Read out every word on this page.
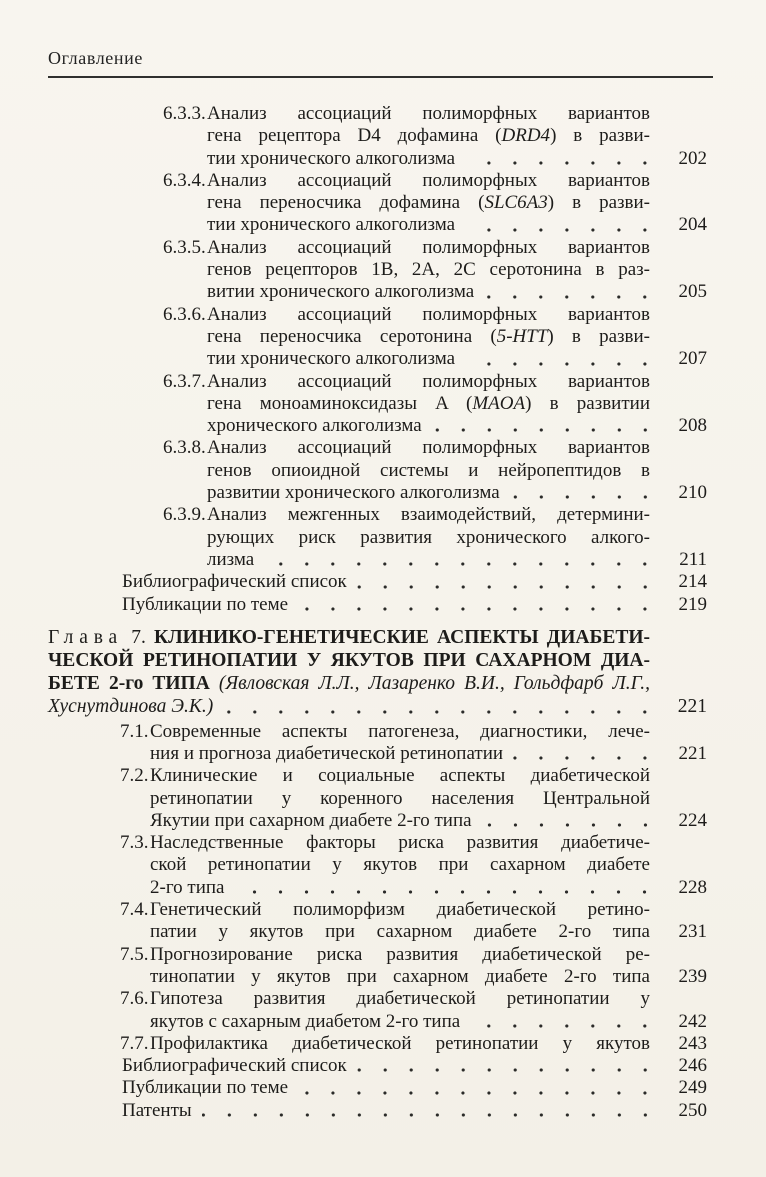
Оглавление
6.3.3. Анализ ассоциаций полиморфных вариантов
гена рецептора D4 дофамина (DRD4) в разви-
тии хронического алкоголизма	202
6.3.4. Анализ ассоциаций полиморфных вариантов
гена переносчика дофамина (SLC6A3) в разви-
тии хронического алкоголизма	204
6.3.5. Анализ ассоциаций полиморфных вариантов
генов рецепторов 1B, 2A, 2C серотонина в раз-
витии хронического алкоголизма	205
6.3.6. Анализ ассоциаций полиморфных вариантов
гена переносчика серотонина (5-HTT) в разви-
тии хронического алкоголизма	207
6.3.7. Анализ ассоциаций полиморфных вариантов
гена моноаминоксидазы A (MAOA) в развитии
хронического алкоголизма	208
6.3.8. Анализ ассоциаций полиморфных вариантов
генов опиоидной системы и нейропептидов в
развитии хронического алкоголизма	210
6.3.9. Анализ межгенных взаимодействий, детермини-
рующих риск развития хронического алкого-
лизма	211
Библиографический список	214
Публикации по теме	219
Глава 7. КЛИНИКО-ГЕНЕТИЧЕСКИЕ АСПЕКТЫ ДИАБЕТИ-
ЧЕСКОЙ РЕТИНОПАТИИ У ЯКУТОВ ПРИ САХАРНОМ ДИА-
БЕТЕ 2-го ТИПА (Явловская Л.Л., Лазаренко В.И., Гольдфарб Л.Г.,
Хуснутдинова Э.К.)	221
7.1. Современные аспекты патогенеза, диагностики, лече-
ния и прогноза диабетической ретинопатии	221
7.2. Клинические и социальные аспекты диабетической
ретинопатии у коренного населения Центральной
Якутии при сахарном диабете 2-го типа	224
7.3. Наследственные факторы риска развития диабетиче-
ской ретинопатии у якутов при сахарном диабете
2-го типа	228
7.4. Генетический полиморфизм диабетической ретино-
патии у якутов при сахарном диабете 2-го типа	231
7.5. Прогнозирование риска развития диабетической ре-
тинопатии у якутов при сахарном диабете 2-го типа	239
7.6. Гипотеза развития диабетической ретинопатии у
якутов с сахарным диабетом 2-го типа	242
7.7. Профилактика диабетической ретинопатии у якутов	243
Библиографический список	246
Публикации по теме	249
Патенты	250
